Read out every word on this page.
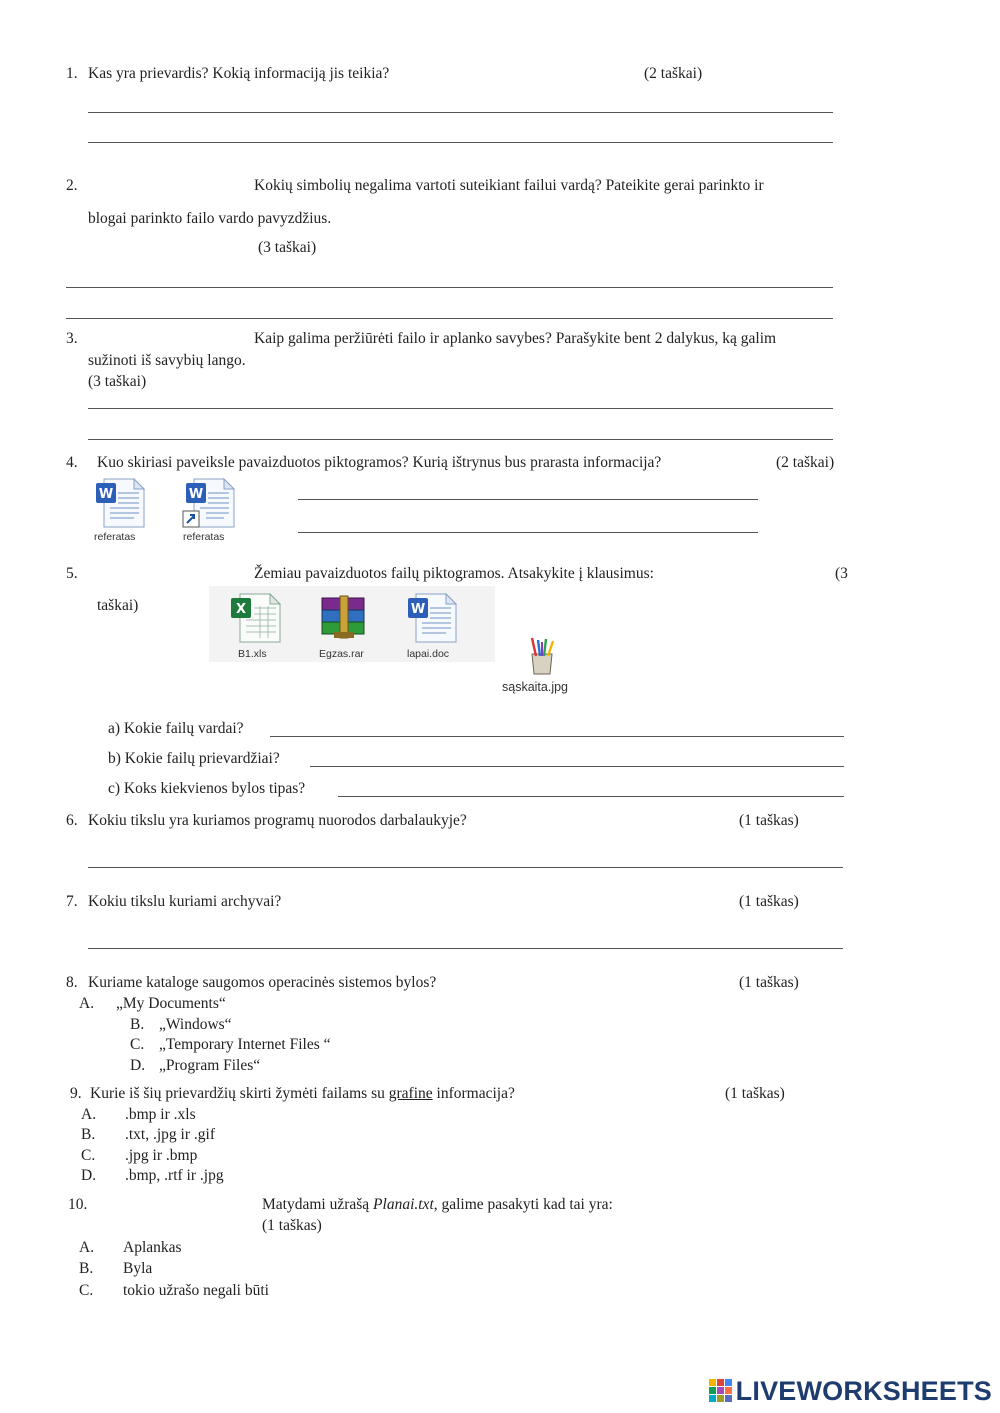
1. Kas yra prievardis? Kokią informaciją jis teikia?	(2 taškai)
2.	Kokių simbolių negalima vartoti suteikiant failui vardą? Pateikite gerai parinkto ir
blogai parinkto failo vardo pavyzdžius.
(3 taškai)
3.	Kaip galima peržiūrėti failo ir aplanko savybes? Parašykite bent 2 dalykus, ką galim
sužinoti iš savybių lango.
(3 taškai)
4. Kuo skiriasi paveiksle pavaizduotos piktogramos? Kurią ištrynus bus prarasta informacija?	(2 taškai)
W
referatas
W
referatas
5.	Žemiau pavaizduotos failų piktogramos. Atsakykite į klausimus:	(3
taškai)	X
B1.xls	Egzas.rar
W
lapai.doc
sąskaita.jpg
a) Kokie failų vardai?
b) Kokie failų prievardžiai?
c) Koks kiekvienos bylos tipas?
6. Kokiu tikslu yra kuriamos programų nuorodos darbalaukyje?	(1 taškas)
7. Kokiu tikslu kuriami archyvai?	(1 taškas)
8. Kuriame kataloge saugomos operacinės sistemos bylos?	(1 taškas)
A. „My Documents“
B. „Windows“
C. „Temporary Internet Files “
D. „Program Files“
9. Kurie iš šių prievardžių skirti žymėti failams su grafine informacija?	(1 taškas)
A. .bmp ir .xls
B. .txt, .jpg ir .gif
C. .jpg ir .bmp
D. .bmp, .rtf ir .jpg
10.	Matydami užrašą Planai.txt, galime pasakyti kad tai yra:
(1 taškas)
A. Aplankas
B. Byla
C. tokio užrašo negali būti
LIVEWORKSHEETS
